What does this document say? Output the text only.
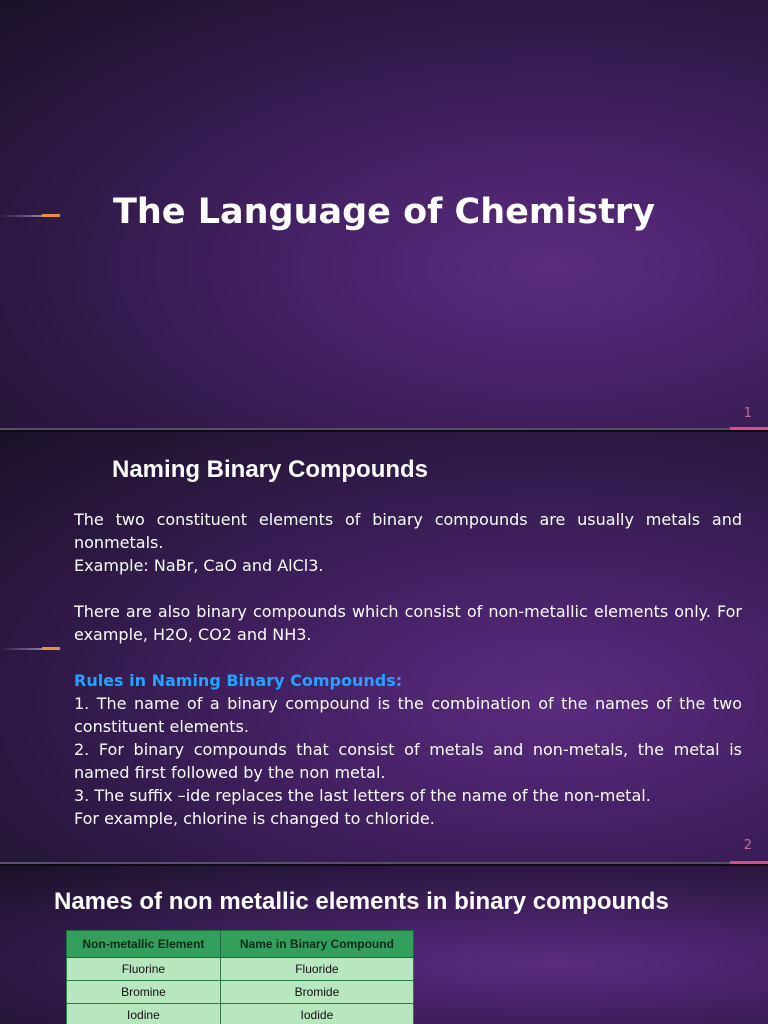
The Language of Chemistry
1
Naming Binary Compounds

The two constituent elements of binary compounds are usually metals and nonmetals.

Example: NaBr, CaO and AlCl3.

There are also binary compounds which consist of non-metallic elements only. For example, H2O, CO2 and NH3.

Rules in Naming Binary Compounds:

1. The name of a binary compound is the combination of the names of the two constituent elements.

2. For binary compounds that consist of metals and non-metals, the metal is named first followed by the non metal.

3. The suffix –ide replaces the last letters of the name of the non-metal.

For example, chlorine is changed to chloride.

2
Names of non metallic elements in binary compounds
Non-metallic Element	Name in Binary Compound
Fluorine	Fluoride
Bromine	Bromide
Iodine	Iodide
